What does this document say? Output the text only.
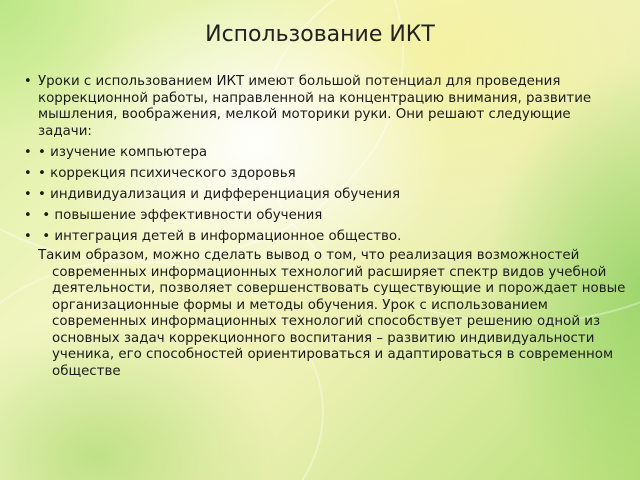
Использование ИКТ
• Уроки с использованием ИКТ имеют большой потенциал для проведения коррекционной работы, направленной на концентрацию внимания, развитие мышления, воображения, мелкой моторики руки. Они решают следующие задачи:
• • изучение компьютера
• • коррекция психического здоровья
• • индивидуализация и дифференциация обучения
•  • повышение эффективности обучения
•  • интеграция детей в информационное общество.
Таким образом, можно сделать вывод о том, что реализация возможностей современных информационных технологий расширяет спектр видов учебной деятельности, позволяет совершенствовать существующие и порождает новые организационные формы и методы обучения. Урок с использованием современных информационных технологий способствует решению одной из основных задач коррекционного воспитания – развитию индивидуальности ученика, его способностей ориентироваться и адаптироваться в современном обществе
